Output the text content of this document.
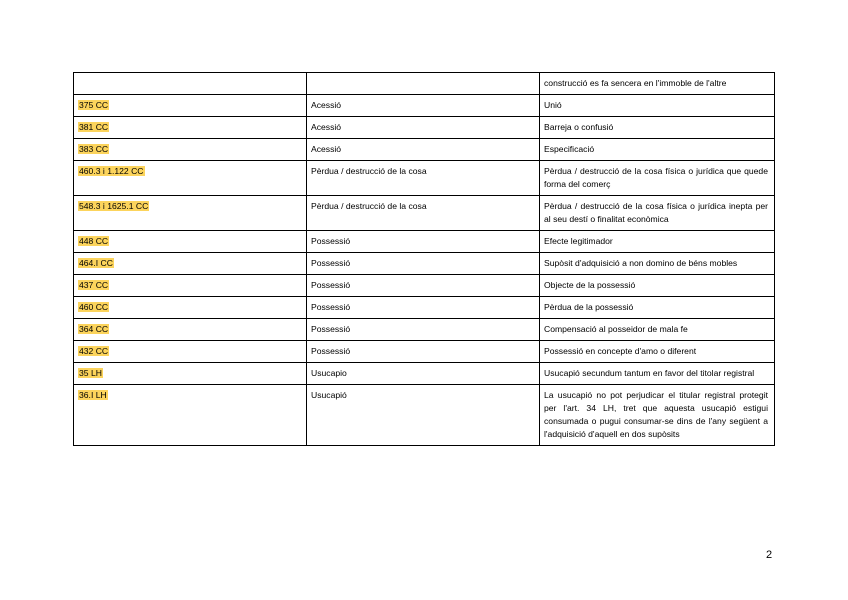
		construcció es fa sencera en l'immoble de l'altre
375 CC	Acessió	Unió
381 CC	Acessió	Barreja o confusió
383 CC	Acessió	Especificació
460.3 i 1.122 CC	Pèrdua / destrucció de la cosa	Pèrdua / destrucció de la cosa física o jurídica que quede forma del comerç
548.3 i 1625.1 CC	Pèrdua / destrucció de la cosa	Pèrdua / destrucció de la cosa física o jurídica inepta per al seu destí o finalitat econòmica
448 CC	Possessió	Efecte legitimador
464.I CC	Possessió	Supòsit d'adquisició a non domino de béns mobles
437 CC	Possessió	Objecte de la possessió
460 CC	Possessió	Pèrdua de la possessió
364 CC	Possessió	Compensació al posseidor de mala fe
432 CC	Possessió	Possessió en concepte d'amo o diferent
35 LH	Usucapio	Usucapió secundum tantum en favor del titolar registral
36.I LH	Usucapió	La usucapió no pot perjudicar el titular registral protegit per l'art. 34 LH, tret que aquesta usucapió estigui consumada o pugui consumar-se dins de l'any següent a l'adquisició d'aquell en dos supòsits
2
